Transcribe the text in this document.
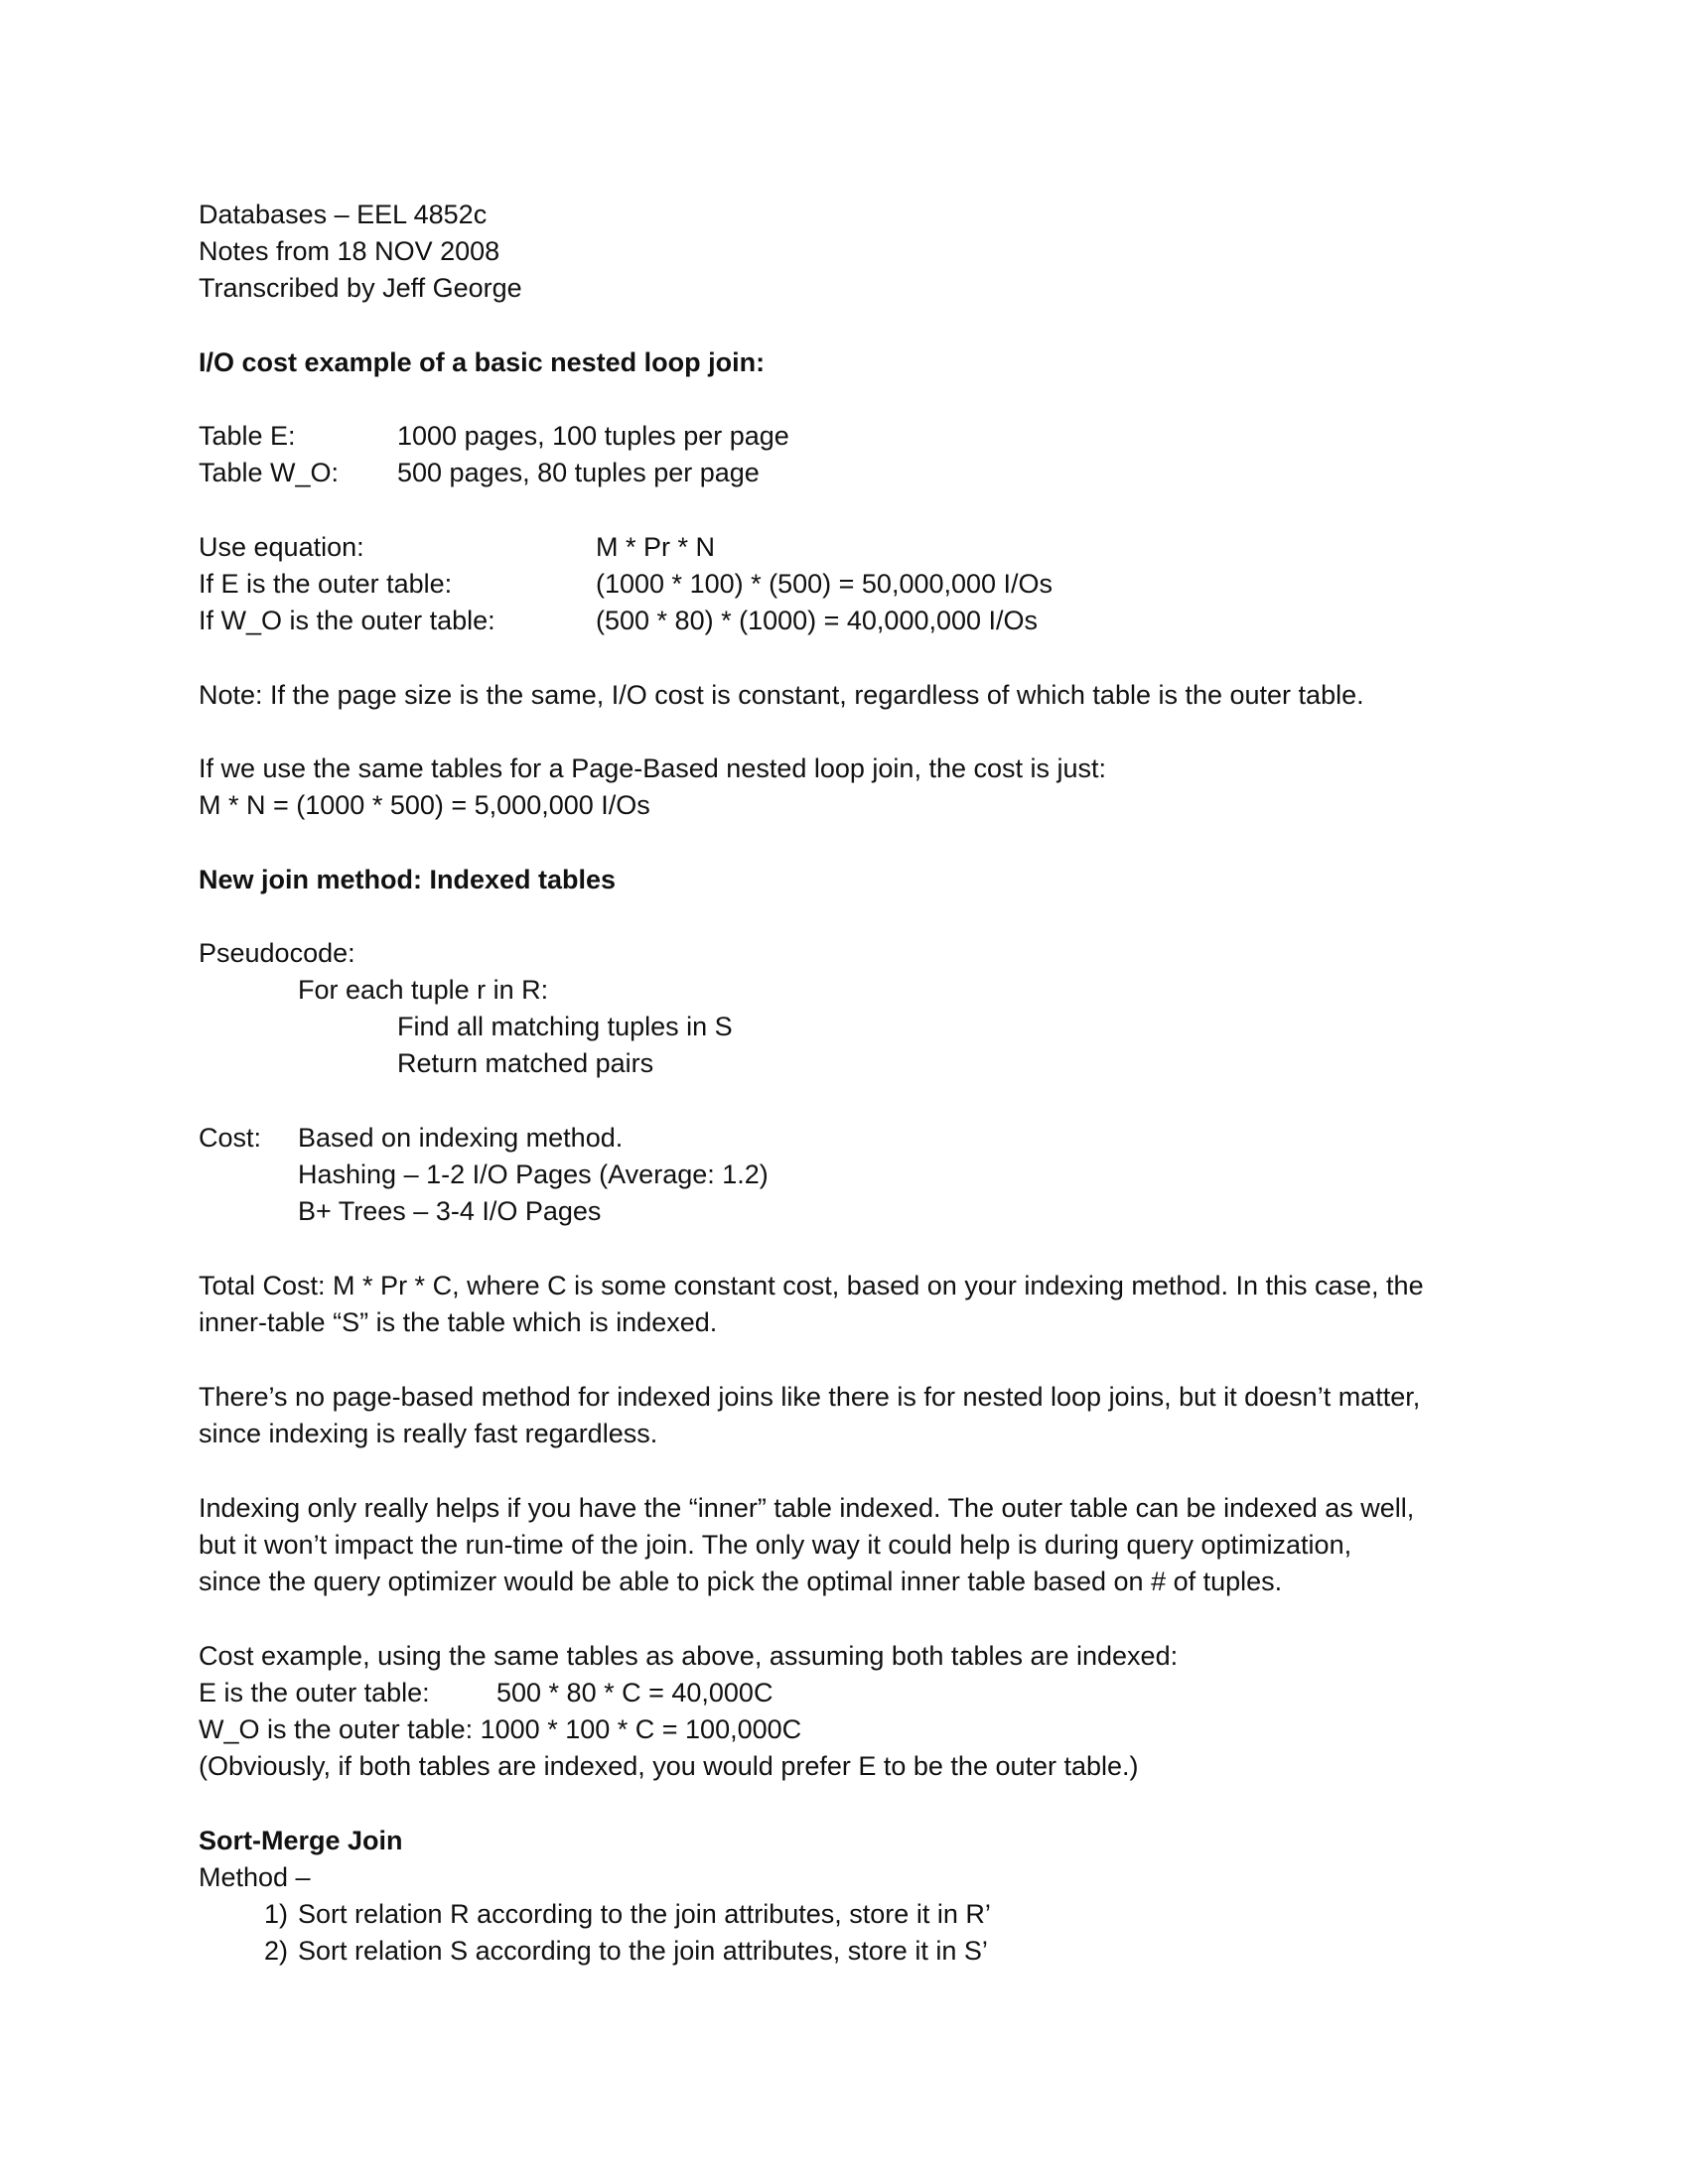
Databases – EEL 4852c
Notes from 18 NOV 2008
Transcribed by Jeff George
I/O cost example of a basic nested loop join:
Table E:	1000 pages, 100 tuples per page
Table W_O: 500 pages, 80 tuples per page
Use equation:	M * Pr * N
If E is the outer table:	(1000 * 100) * (500) = 50,000,000 I/Os
If W_O is the outer table:	(500 * 80) * (1000) = 40,000,000 I/Os
Note: If the page size is the same, I/O cost is constant, regardless of which table is the outer table.
If we use the same tables for a Page-Based nested loop join, the cost is just:
M * N = (1000 * 500) = 5,000,000 I/Os
New join method: Indexed tables
Pseudocode:
For each tuple r in R:
Find all matching tuples in S
Return matched pairs
Cost: Based on indexing method.
Hashing – 1-2 I/O Pages (Average: 1.2)
B+ Trees – 3-4 I/O Pages
Total Cost: M * Pr * C, where C is some constant cost, based on your indexing method. In this case, the
inner-table “S” is the table which is indexed.
There’s no page-based method for indexed joins like there is for nested loop joins, but it doesn’t matter,
since indexing is really fast regardless.
Indexing only really helps if you have the “inner” table indexed. The outer table can be indexed as well,
but it won’t impact the run-time of the join. The only way it could help is during query optimization,
since the query optimizer would be able to pick the optimal inner table based on # of tuples.
Cost example, using the same tables as above, assuming both tables are indexed:
E is the outer table: 500 * 80 * C = 40,000C
W_O is the outer table: 1000 * 100 * C = 100,000C
(Obviously, if both tables are indexed, you would prefer E to be the outer table.)
Sort-Merge Join
Method –
1) Sort relation R according to the join attributes, store it in R’
2) Sort relation S according to the join attributes, store it in S’
